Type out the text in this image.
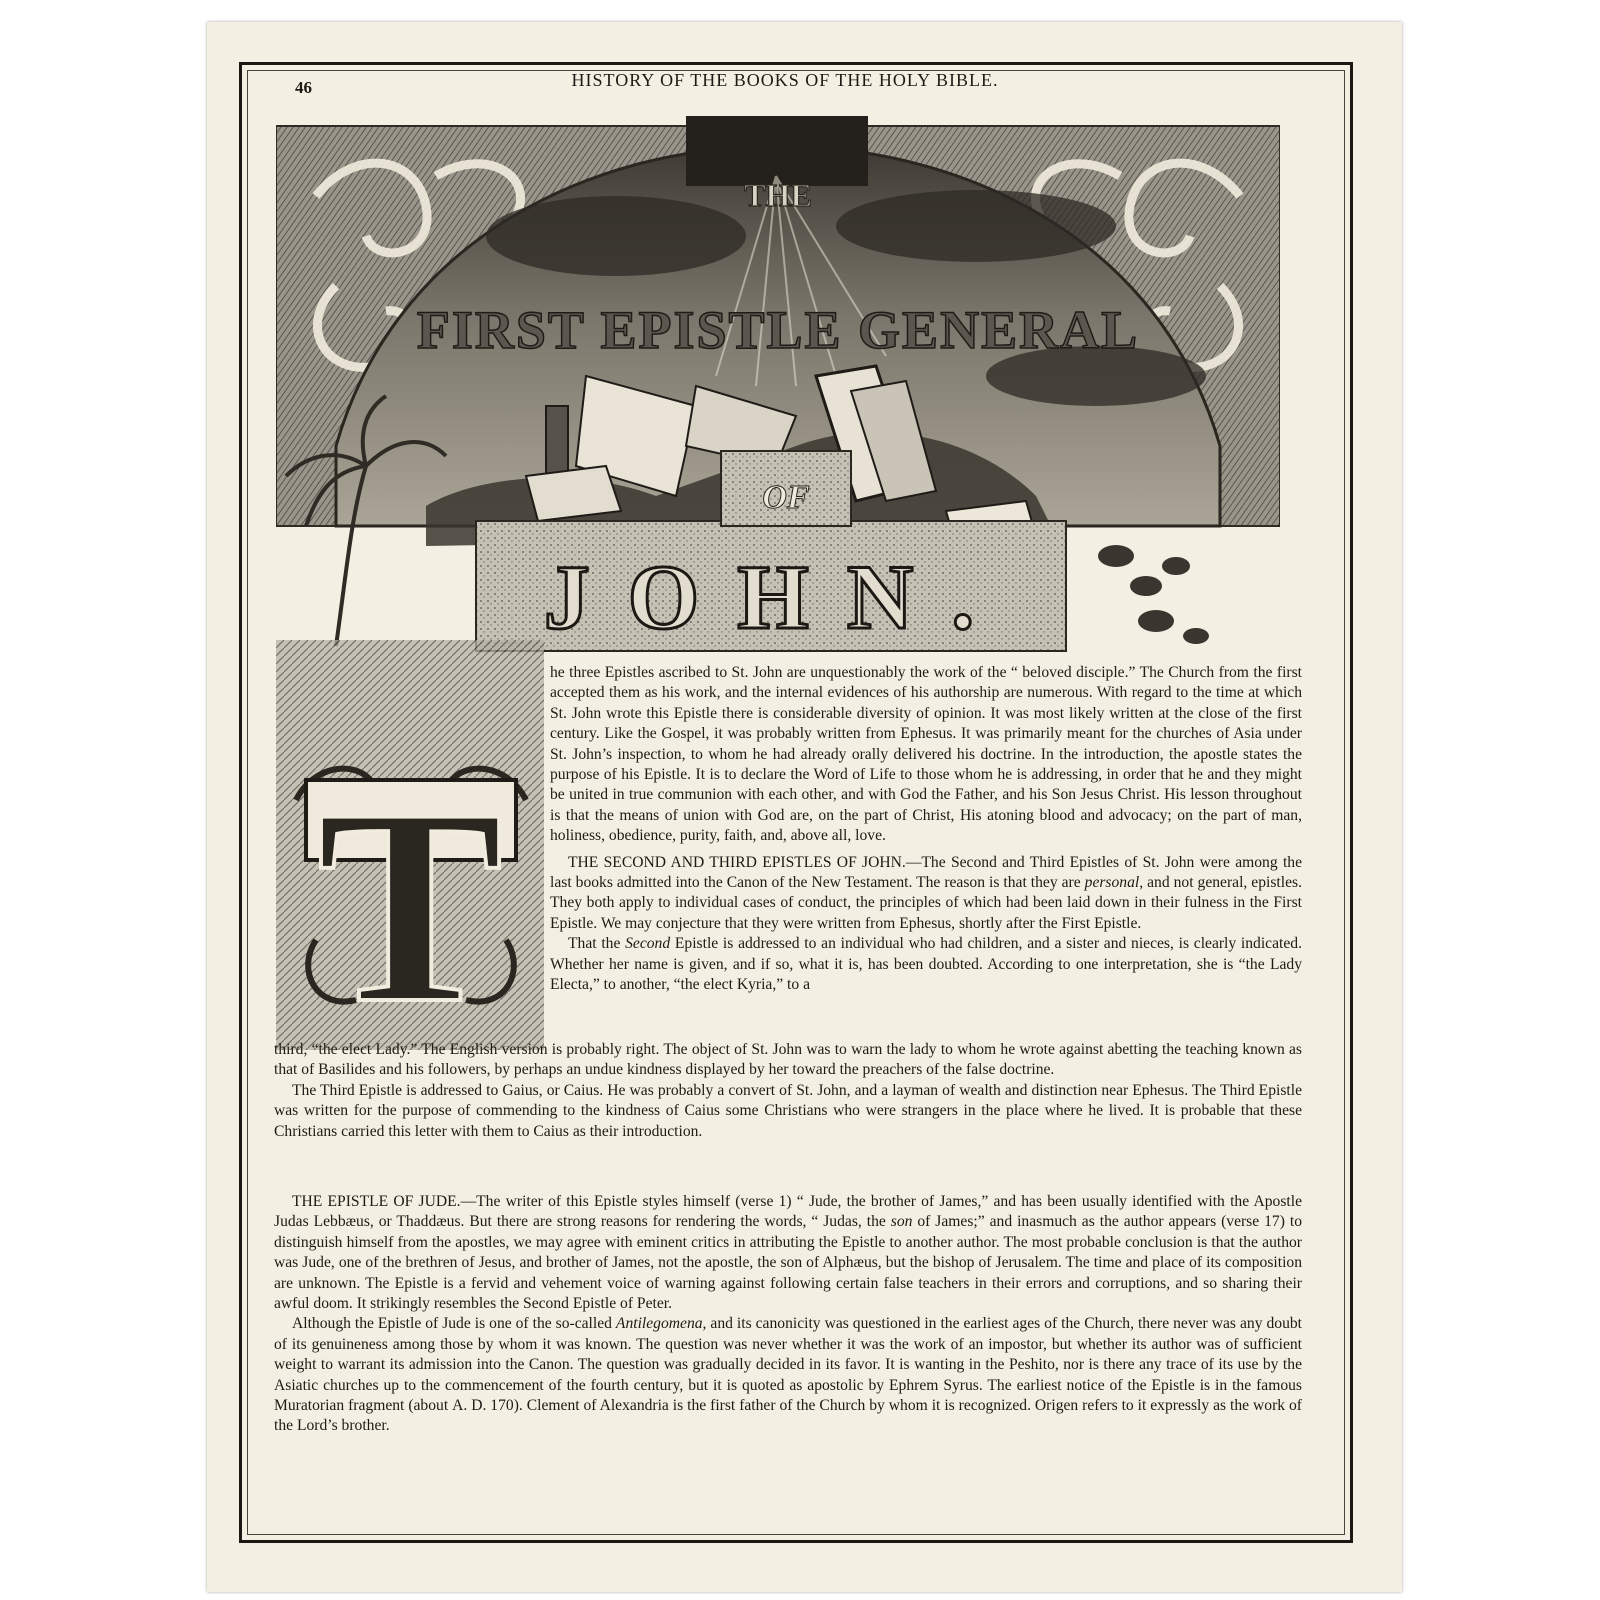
46	HISTORY OF THE BOOKS OF THE HOLY BIBLE.
THE
FIRST EPISTLE GENERAL
OF
JOHN.
T

he three Epistles ascribed to St. John are unquestionably the work of the “ beloved disciple.” The Church from the first accepted them as his work, and the internal evidences of his authorship are numerous. With regard to the time at which St. John wrote this Epistle there is considerable diversity of opinion. It was most likely written at the close of the first century. Like the Gospel, it was probably written from Ephesus. It was primarily meant for the churches of Asia under St. John’s inspection, to whom he had already orally delivered his doctrine. In the introduction, the apostle states the purpose of his Epistle. It is to declare the Word of Life to those whom he is addressing, in order that he and they might be united in true communion with each other, and with God the Father, and his Son Jesus Christ. His lesson throughout is that the means of union with God are, on the part of Christ, His atoning blood and advocacy; on the part of man, holiness, obedience, purity, faith, and, above all, love.

THE SECOND AND THIRD EPISTLES OF JOHN.—The Second and Third Epistles of St. John were among the last books admitted into the Canon of the New Testament. The reason is that they are personal, and not general, epistles. They both apply to individual cases of conduct, the principles of which had been laid down in their fulness in the First Epistle. We may conjecture that they were written from Ephesus, shortly after the First Epistle.

That the Second Epistle is addressed to an individual who had children, and a sister and nieces, is clearly indicated. Whether her name is given, and if so, what it is, has been doubted. According to one interpretation, she is “the Lady Electa,” to another, “the elect Kyria,” to a

third, “the elect Lady.” The English version is probably right. The object of St. John was to warn the lady to whom he wrote against abetting the teaching known as that of Basilides and his followers, by perhaps an undue kindness displayed by her toward the preachers of the false doctrine.

The Third Epistle is addressed to Gaius, or Caius. He was probably a convert of St. John, and a layman of wealth and distinction near Ephesus. The Third Epistle was written for the purpose of commending to the kindness of Caius some Christians who were strangers in the place where he lived. It is probable that these Christians carried this letter with them to Caius as their introduction.

THE EPISTLE OF JUDE.—The writer of this Epistle styles himself (verse 1) “ Jude, the brother of James,” and has been usually identified with the Apostle Judas Lebbæus, or Thaddæus. But there are strong reasons for rendering the words, “ Judas, the son of James;” and inasmuch as the author appears (verse 17) to distinguish himself from the apostles, we may agree with eminent critics in attributing the Epistle to another author. The most probable conclusion is that the author was Jude, one of the brethren of Jesus, and brother of James, not the apostle, the son of Alphæus, but the bishop of Jerusalem. The time and place of its composition are unknown. The Epistle is a fervid and vehement voice of warning against following certain false teachers in their errors and corruptions, and so sharing their awful doom. It strikingly resembles the Second Epistle of Peter.

Although the Epistle of Jude is one of the so-called Antilegomena, and its canonicity was questioned in the earliest ages of the Church, there never was any doubt of its genuineness among those by whom it was known. The question was never whether it was the work of an impostor, but whether its author was of sufficient weight to warrant its admission into the Canon. The question was gradually decided in its favor. It is wanting in the Peshito, nor is there any trace of its use by the Asiatic churches up to the commencement of the fourth century, but it is quoted as apostolic by Ephrem Syrus. The earliest notice of the Epistle is in the famous Muratorian fragment (about A. D. 170). Clement of Alexandria is the first father of the Church by whom it is recognized. Origen refers to it expressly as the work of the Lord’s brother.
